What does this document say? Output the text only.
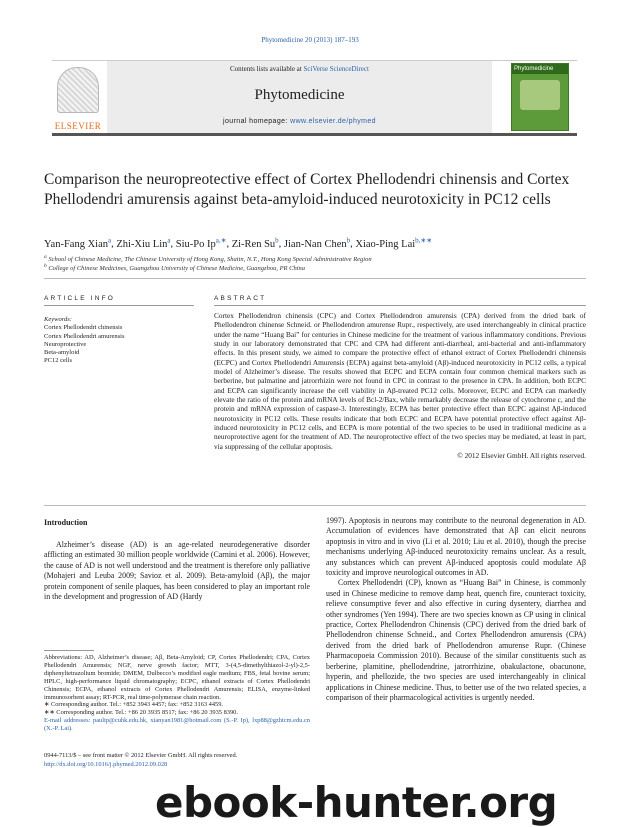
Phytomedicine 20 (2013) 187–193
ELSEVIER
Contents lists available at SciVerse ScienceDirect
Phytomedicine
journal homepage: www.elsevier.de/phymed
Phytomedicine
Comparison the neuropreotective effect of Cortex Phellodendri chinensis and Cortex Phellodendri amurensis against beta-amyloid-induced neurotoxicity in PC12 cells
Yan-Fang Xian$^a$, Zhi-Xiu Lin$^a$, Siu-Po $Ip^{a,∗}$, Zi-Ren Su$^b$, Jian-Nan Chen$^b$, Xiao-Ping Lai$^{b,∗∗}$
$^a$ School of Chinese Medicine, The Chinese University of Hong Kong, Shatin, N.T., Hong Kong Special Administrative Region
$^b$ College of Chinese Medicines, Guangzhou University of Chinese Medicine, Guangzhou, PR China
ARTICLE INFO
Keywords:
Cortex Phellodendri chinensis
Cortex Phellodendri amurensis
Neuroprotective
Beta-amyloid
PC12 cells
ABSTRACT
Cortex Phellodendron chinensis (CPC) and Cortex Phellodendron amurensis (CPA) derived from the dried bark of Phellodendron chinense Schneid. or Phellodendron amurense Rupr., respectively, are used interchangeably in clinical practice under the name “Huang Bai” for centuries in Chinese medicine for the treatment of various inflammatory conditions. Previous study in our laboratory demonstrated that CPC and CPA had different anti-diarrheal, anti-bacterial and anti-inflammatory effects. In this present study, we aimed to compare the protective effect of ethanol extract of Cortex Phellodendri chinensis (ECPC) and Cortex Phellodendri Amurensis (ECPA) against beta-amyloid (Aβ)-induced neurotoxicity in PC12 cells, a typical model of Alzheimer’s disease. The results showed that ECPC and ECPA contain four common chemical markers such as berberine, but palmatine and jatrorrhizin were not found in CPC in contrast to the presence in CPA. In addition, both ECPC and ECPA can significantly increase the cell viability in Aβ-treated PC12 cells. Moreover, ECPC and ECPA can markedly elevate the ratio of the protein and mRNA levels of Bcl-2/Bax, while remarkably decrease the release of cytochrome c, and the protein and mRNA expression of caspase-3. Interestingly, ECPA has better protective effect than ECPC against Aβ-induced neurotoxicity in PC12 cells. These results indicate that both ECPC and ECPA have potential protective effect against Aβ-induced neurotoxicity in PC12 cells, and ECPA is more potential of the two species to be used in traditional medicine as a neuroprotective agent for the treatment of AD. The neuroprotective effect of the two species may be mediated, at least in part, via suppressing of the cellular apoptosis.
© 2012 Elsevier GmbH. All rights reserved.
Introduction
Alzheimer’s disease (AD) is an age-related neurodegenerative disorder afflicting an estimated 30 million people worldwide (Carnini et al. 2006). However, the cause of AD is not well understood and the treatment is therefore only palliative (Mohajeri and Leuba 2009; Savioz et al. 2009). Beta-amyloid (Aβ), the major protein component of senile plaques, has been considered to play an important role in the development and progression of AD (Hardy
1997). Apoptosis in neurons may contribute to the neuronal degeneration in AD. Accumulation of evidences have demonstrated that Aβ can elicit neurons apoptosis in vitro and in vivo (Li et al. 2010; Liu et al. 2010), though the precise mechanisms underlying Aβ-induced neurotoxicity remains unclear. As a result, any substances which can prevent Aβ-induced apoptosis could modulate Aβ toxicity and improve neurological outcomes in AD.
Cortex Phellodendri (CP), known as “Huang Bai” in Chinese, is commonly used in Chinese medicine to remove damp heat, quench fire, counteract toxicity, relieve consumptive fever and also effective in curing dysentery, diarrhea and other syndromes (Yen 1994). There are two species known as CP using in clinical practice, Cortex Phellodendron Chinensis (CPC) derived from the dried bark of Phellodendron chinense Schneid., and Cortex Phellodendron amurensis (CPA) derived from the dried bark of Phellodendron amurense Rupr. (Chinese Pharmacopoeia Commission 2010). Because of the similar constituents such as berberine, plamitine, phellodendrine, jatrorrhizine, obakulactone, obacunone, hyperin, and phellozide, the two species are used interchangeably in clinical applications in Chinese medicine. Thus, to better use of the two related species, a comparison of their pharmacological activities is urgently needed.
Abbreviations: AD, Alzheimer’s disease; Aβ, Beta-Amyloid; CP, Cortex Phellodendri; CPA, Cortex Phellodendri Amurensis; NGF, nerve growth factor; MTT, 3-(4,5-dimethylthiazol-2-yl)-2,5-diphenyltetrazolium bromide; DMEM, Dulbecco’s modified eagle medium; FBS, fetal bovine serum; HPLC, high-performance liquid chromatography; ECPC, ethanol extracts of Cortex Phellodendri Chinensis; ECPA, ethanol extracts of Cortex Phellodendri Amurensis; ELISA, enzyme-linked immunosorbent assay; RT-PCR, real time-polymerase chain reaction.
∗ Corresponding author. Tel.: +852 3943 4457; fax: +852 3163 4459.
∗∗ Corresponding author. Tel.: +86 20 3935 8517; fax: +86 20 3935 8390.
E-mail addresses: paulip@cuhk.edu.hk, xianyan1981@hotmail.com (S.-P. Ip), lxp88@gzhtcm.edu.cn (X.-P. Lai).
0944-7113/$ – see front matter © 2012 Elsevier GmbH. All rights reserved.
http://dx.doi.org/10.1016/j.phymed.2012.09.028
ebook-hunter.org
